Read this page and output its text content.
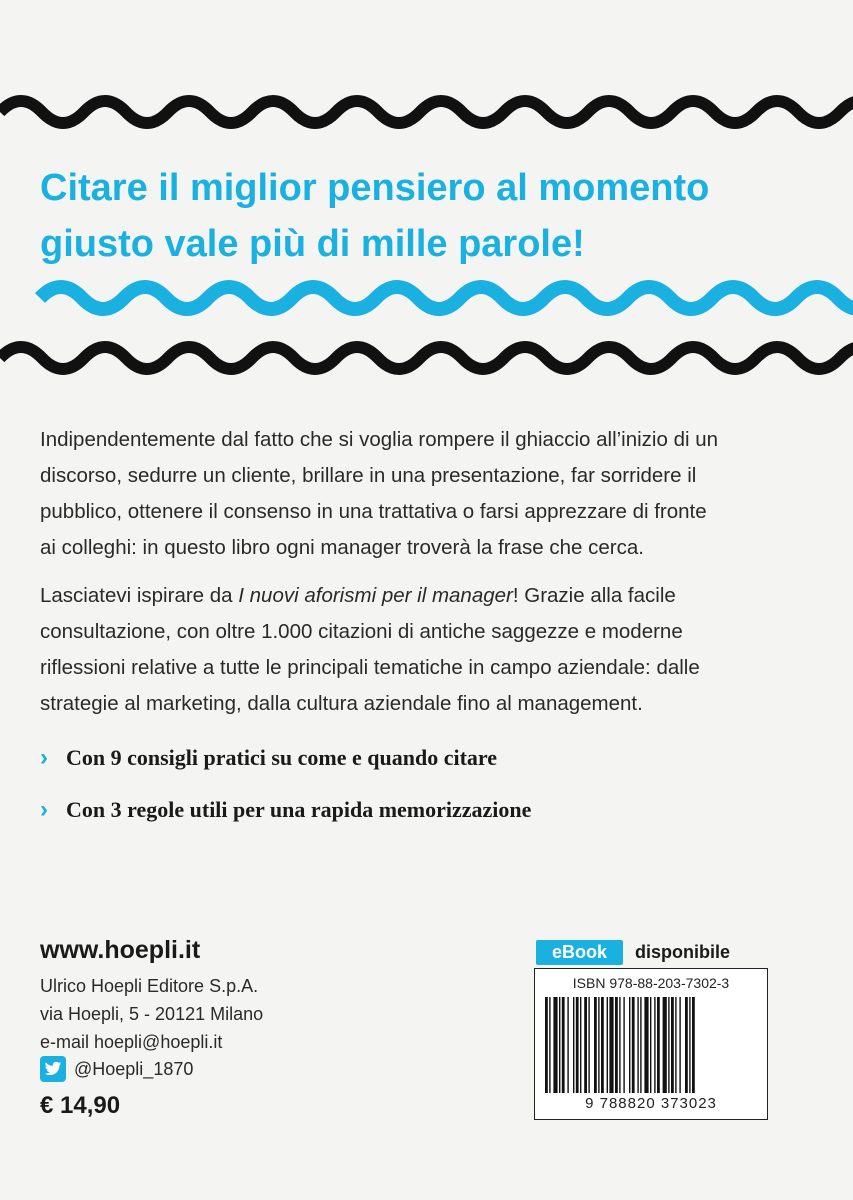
Citare il miglior pensiero al momento
giusto vale più di mille parole!
Indipendentemente dal fatto che si voglia rompere il ghiaccio all’inizio di un
discorso, sedurre un cliente, brillare in una presentazione, far sorridere il
pubblico, ottenere il consenso in una trattativa o farsi apprezzare di fronte
ai colleghi: in questo libro ogni manager troverà la frase che cerca.
Lasciatevi ispirare da I nuovi aforismi per il manager! Grazie alla facile
consultazione, con oltre 1.000 citazioni di antiche saggezze e moderne
riflessioni relative a tutte le principali tematiche in campo aziendale: dalle
strategie al marketing, dalla cultura aziendale fino al management.
› Con 9 consigli pratici su come e quando citare
› Con 3 regole utili per una rapida memorizzazione
www.hoepli.it
Ulrico Hoepli Editore S.p.A.
via Hoepli, 5 - 20121 Milano
e-mail hoepli@hoepli.it
@Hoepli_1870
€ 14,90
eBook	disponibile
ISBN 978-88-203-7302-3
9 788820 373023
